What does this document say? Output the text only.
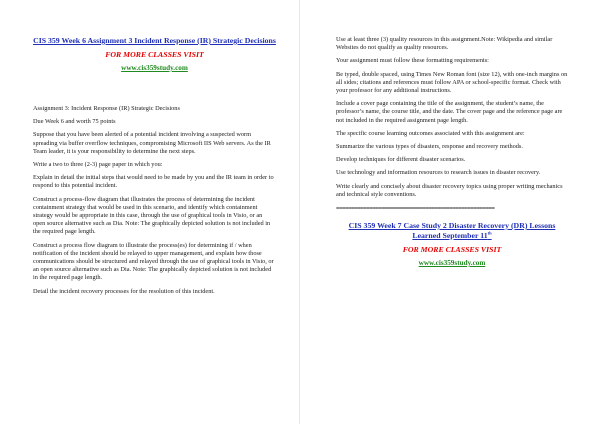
CIS 359 Week 6 Assignment 3 Incident Response (IR) Strategic Decisions
FOR MORE CLASSES VISIT
www.cis359study.com

Assignment 3: Incident Response (IR) Strategic Decisions

Due Week 6 and worth 75 points

Suppose that you have been alerted of a potential incident involving a suspected worm spreading via buffer overflow techniques, compromising Microsoft IIS Web servers. As the IR Team leader, it is your responsibility to determine the next steps.

Write a two to three (2-3) page paper in which you:

Explain in detail the initial steps that would need to be made by you and the IR team in order to respond to this potential incident.

Construct a process-flow diagram that illustrates the process of determining the incident containment strategy that would be used in this scenario, and identify which containment strategy would be appropriate in this case, through the use of graphical tools in Visio, or an open source alternative such as Dia. Note: The graphically depicted solution is not included in the required page length.

Construct a process flow diagram to illustrate the process(es) for determining if / when notification of the incident should be relayed to upper management, and explain how those communications should be structured and relayed through the use of graphical tools in Visio, or an open source alternative such as Dia. Note: The graphically depicted solution is not included in the required page length.

Detail the incident recovery processes for the resolution of this incident.

Use at least three (3) quality resources in this assignment.Note: Wikipedia and similar Websites do not qualify as quality resources.

Your assignment must follow these formatting requirements:

Be typed, double spaced, using Times New Roman font (size 12), with one-inch margins on all sides; citations and references must follow APA or school-specific format. Check with your professor for any additional instructions.

Include a cover page containing the title of the assignment, the student’s name, the professor’s name, the course title, and the date. The cover page and the reference page are not included in the required assignment page length.

The specific course learning outcomes associated with this assignment are:

Summarize the various types of disasters, response and recovery methods.

Develop techniques for different disaster scenarios.

Use technology and information resources to research issues in disaster recovery.

Write clearly and concisely about disaster recovery topics using proper writing mechanics and technical style conventions.

=====================================================
CIS 359 Week 7 Case Study 2 Disaster Recovery (DR) Lessons Learned September 11th
FOR MORE CLASSES VISIT
www.cis359study.com
